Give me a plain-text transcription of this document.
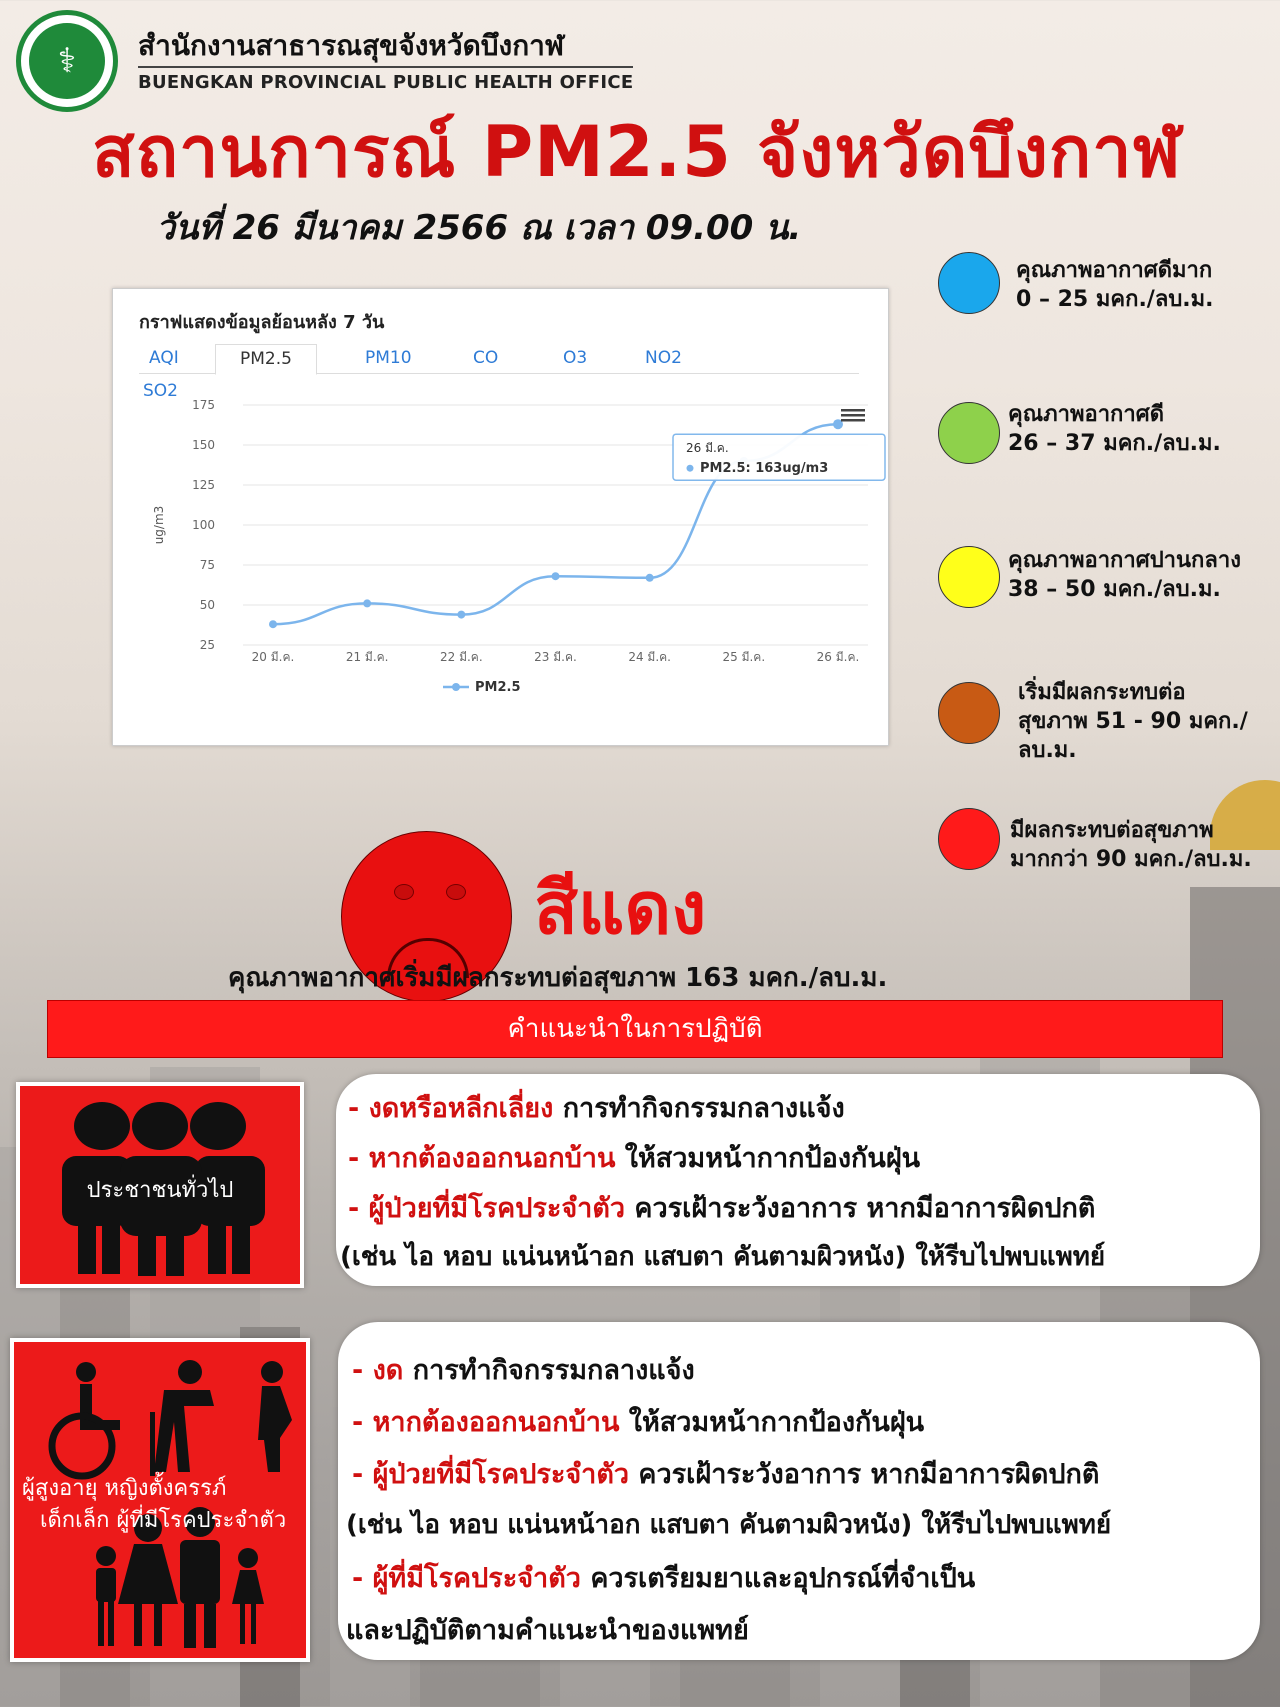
⚕	สำนักงานสาธารณสุขจังหวัดบึงกาฬ
BUENGKAN PROVINCIAL PUBLIC HEALTH OFFICE
สถานการณ์ PM2.5 จังหวัดบึงกาฬ
วันที่ 26 มีนาคม 2566 ณ เวลา 09.00 น.
กราฟแสดงข้อมูลย้อนหลัง 7 วัน
AQI	PM2.5	PM10	CO	O3	NO2
SO2
25
50
75
100
125
150
175
ug/m3
20 มี.ค.	21 มี.ค.	22 มี.ค.	23 มี.ค.	24 มี.ค.	25 มี.ค.	26 มี.ค.
PM2.5
26 มี.ค.
PM2.5: 163ug/m3
คุณภาพอากาศดีมาก
0 – 25 มคก./ลบ.ม.
คุณภาพอากาศดี
26 – 37 มคก./ลบ.ม.
คุณภาพอากาศปานกลาง
38 – 50 มคก./ลบ.ม.
เริ่มมีผลกระทบต่อ
สุขภาพ 51 - 90 มคก./
ลบ.ม.
มีผลกระทบต่อสุขภาพ
มากกว่า 90 มคก./ลบ.ม.
สีแดง
คุณภาพอากาศเริ่มมีผลกระทบต่อสุขภาพ 163 มคก./ลบ.ม.
คำแนะนำในการปฏิบัติ
ประชาชนทั่วไป
- งดหรือหลีกเลี่ยง การทำกิจกรรมกลางแจ้ง
- หากต้องออกนอกบ้าน ให้สวมหน้ากากป้องกันฝุ่น
- ผู้ป่วยที่มีโรคประจำตัว ควรเฝ้าระวังอาการ หากมีอาการผิดปกติ
(เช่น ไอ หอบ แน่นหน้าอก แสบตา คันตามผิวหนัง) ให้รีบไปพบแพทย์
ผู้สูงอายุ หญิงตั้งครรภ์
เด็กเล็ก ผู้ที่มีโรคประจำตัว
- งด การทำกิจกรรมกลางแจ้ง
- หากต้องออกนอกบ้าน ให้สวมหน้ากากป้องกันฝุ่น
- ผู้ป่วยที่มีโรคประจำตัว ควรเฝ้าระวังอาการ หากมีอาการผิดปกติ
(เช่น ไอ หอบ แน่นหน้าอก แสบตา คันตามผิวหนัง) ให้รีบไปพบแพทย์
- ผู้ที่มีโรคประจำตัว ควรเตรียมยาและอุปกรณ์ที่จำเป็น
และปฏิบัติตามคำแนะนำของแพทย์
